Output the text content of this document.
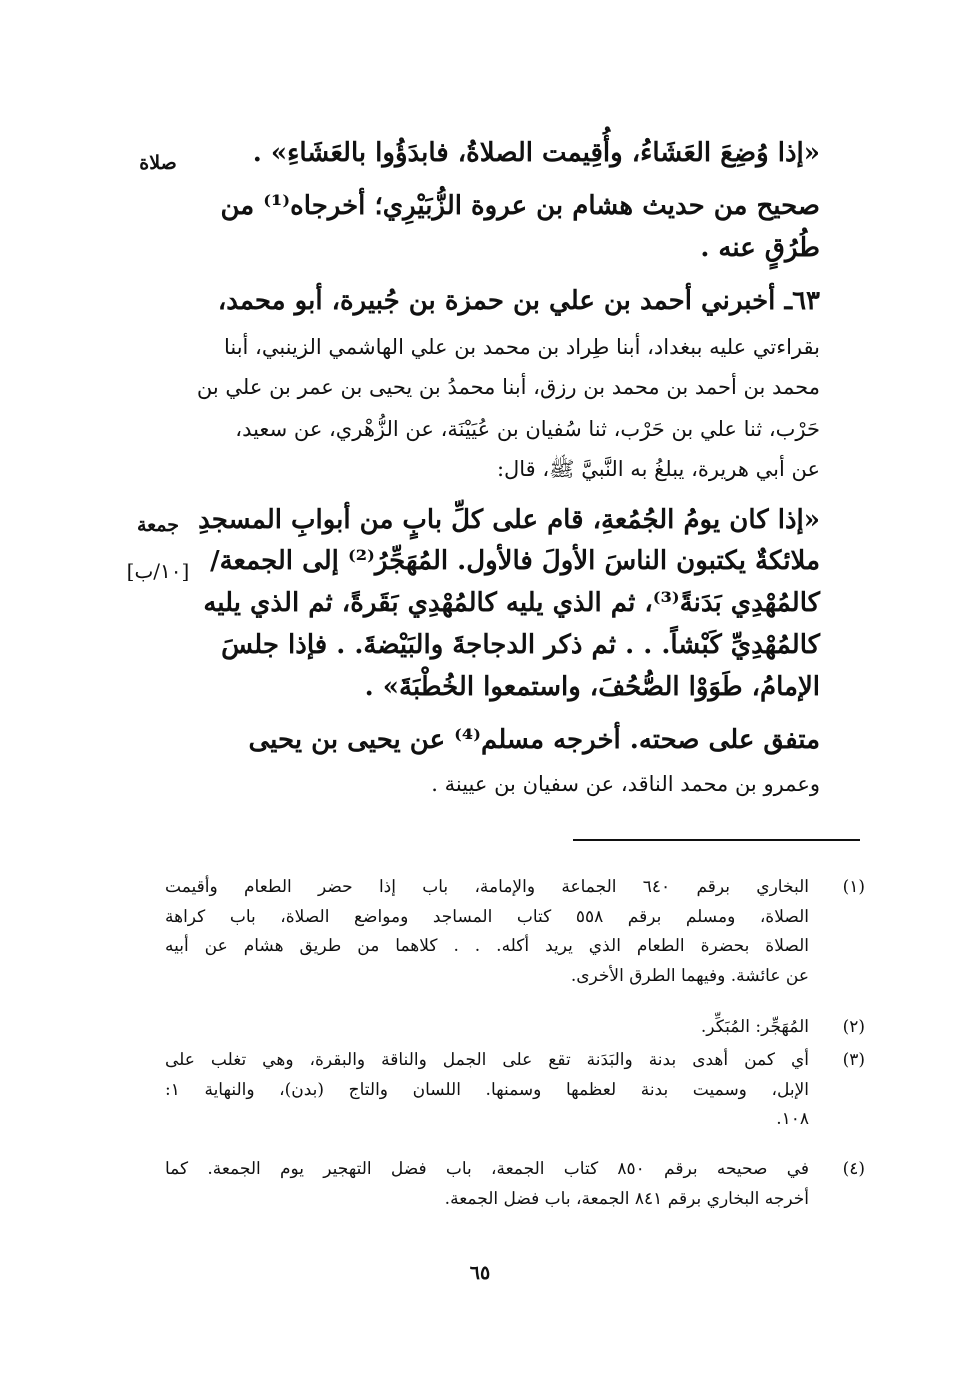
صلاة
جمعة
[١٠/ب]
«إذا وُضِعَ العَشَاءُ، وأُقِيمت الصلاةُ، فابدَؤُوا بالعَشَاءِ» .
صحيح من حديث هشام بن عروة الزُّبَيْرِي؛ أخرجاه⁽¹⁾ من
طُرُقٍ عنه .
٦٣ـ أخبرني أحمد بن علي بن حمزة بن جُبيرة، أبو محمد،
بقراءتي عليه ببغداد، أبنا طِراد بن محمد بن علي الهاشمي الزينبي، أبنا
محمد بن أحمد بن محمد بن رزق، أبنا محمدُ بن يحيى بن عمر بن علي بن
حَرْب، ثنا علي بن حَرْب، ثنا سُفيان بن عُيَيْنَة، عن الزُّهْري، عن سعيد،
عن أبي هريرة، يبلغُ به النَّبيَّ ﷺ، قال:
«إذا كان يومُ الجُمُعةِ، قام على كلِّ بابٍ من أبوابِ المسجدِ
ملائكةٌ يكتبون الناسَ الأولَ فالأول. المُهَجِّرُ⁽²⁾ إلى الجمعة/
كالمُهْدِي بَدَنةً⁽³⁾، ثم الذي يليه كالمُهْدِي بَقَرةً، ثم الذي يليه
كالمُهْدِيِّ كَبْشاً. . . ثم ذكر الدجاجةَ والبَيْضةَ. . فإذا جلسَ
الإمامُ، طَوَوْا الصُّحُفَ، واستمعوا الخُطْبَةَ» .
متفق على صحته. أخرجه مسلم⁽⁴⁾ عن يحيى بن يحيى
وعمرو بن محمد الناقد، عن سفيان بن عيينة .
(١)
البخاري برقم ٦٤٠ الجماعة والإمامة، باب إذا حضر الطعام وأقيمت
الصلاة، ومسلم برقم ٥٥٨ كتاب المساجد ومواضع الصلاة، باب كراهة
الصلاة بحضرة الطعام الذي يريد أكله. . . كلاهما من طريق هشام عن أبيه
عن عائشة. وفيهما الطرق الأخرى.
(٢)
المُهَجِّر: المُبَكِّر.
(٣)
أي كمن أهدى بدنة والبَدَنة تقع على الجمل والناقة والبقرة، وهي تغلب على
الإبل، وسميت بدنة لعظمها وسمنها. اللسان والتاج (بدن)، والنهاية ١:
١٠٨.
(٤)
في صحيحه برقم ٨٥٠ كتاب الجمعة، باب فضل التهجير يوم الجمعة. كما
أخرجه البخاري برقم ٨٤١ الجمعة، باب فضل الجمعة.
٦٥
